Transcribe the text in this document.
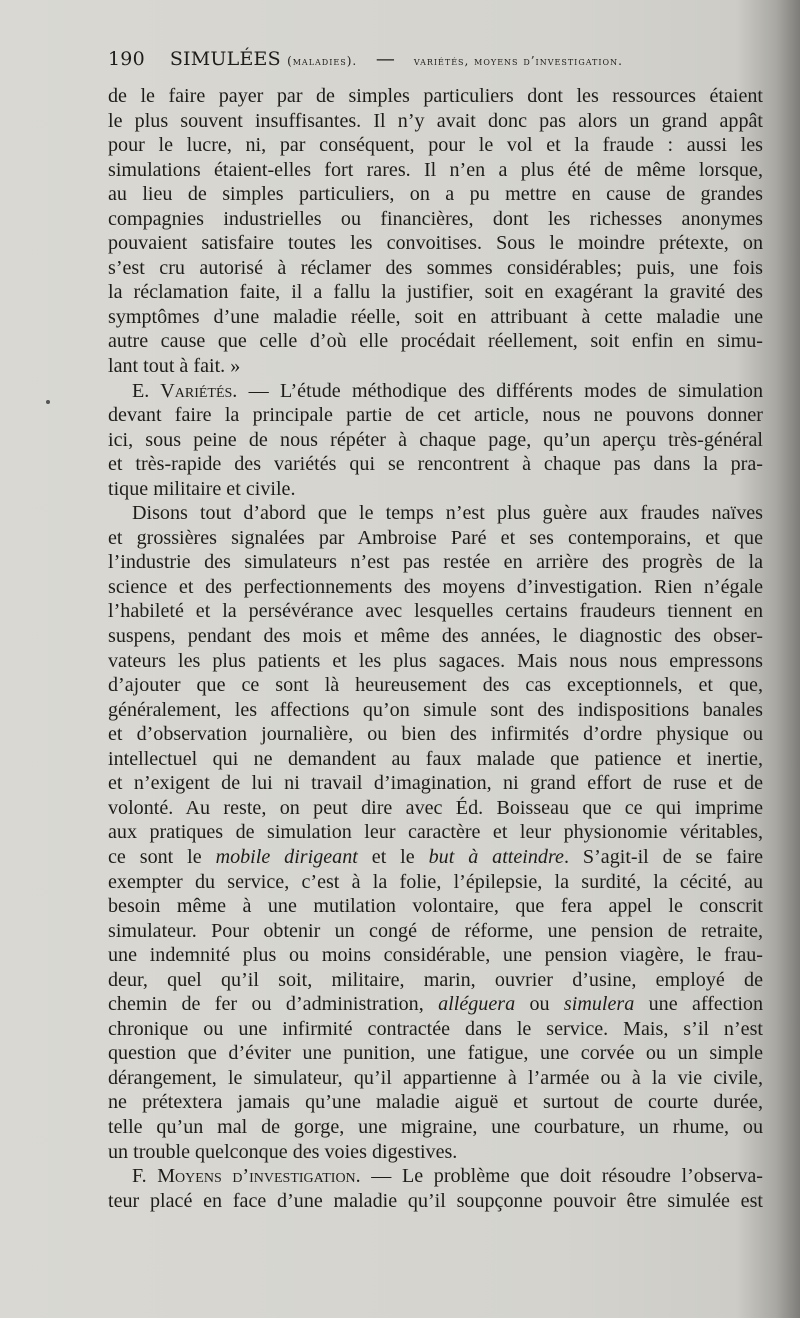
190 SIMULÉES (maladies). — variétés, moyens d’investigation.
de le faire payer par de simples particuliers dont les ressources étaient
le plus souvent insuffisantes. Il n’y avait donc pas alors un grand appât
pour le lucre, ni, par conséquent, pour le vol et la fraude : aussi les
simulations étaient-elles fort rares. Il n’en a plus été de même lorsque,
au lieu de simples particuliers, on a pu mettre en cause de grandes
compagnies industrielles ou financières, dont les richesses anonymes
pouvaient satisfaire toutes les convoitises. Sous le moindre prétexte, on
s’est cru autorisé à réclamer des sommes considérables; puis, une fois
la réclamation faite, il a fallu la justifier, soit en exagérant la gravité des
symptômes d’une maladie réelle, soit en attribuant à cette maladie une
autre cause que celle d’où elle procédait réellement, soit enfin en simu-
lant tout à fait. »
E. Variétés. — L’étude méthodique des différents modes de simulation
devant faire la principale partie de cet article, nous ne pouvons donner
ici, sous peine de nous répéter à chaque page, qu’un aperçu très-général
et très-rapide des variétés qui se rencontrent à chaque pas dans la pra-
tique militaire et civile.
Disons tout d’abord que le temps n’est plus guère aux fraudes naïves
et grossières signalées par Ambroise Paré et ses contemporains, et que
l’industrie des simulateurs n’est pas restée en arrière des progrès de la
science et des perfectionnements des moyens d’investigation. Rien n’égale
l’habileté et la persévérance avec lesquelles certains fraudeurs tiennent en
suspens, pendant des mois et même des années, le diagnostic des obser-
vateurs les plus patients et les plus sagaces. Mais nous nous empressons
d’ajouter que ce sont là heureusement des cas exceptionnels, et que,
généralement, les affections qu’on simule sont des indispositions banales
et d’observation journalière, ou bien des infirmités d’ordre physique ou
intellectuel qui ne demandent au faux malade que patience et inertie,
et n’exigent de lui ni travail d’imagination, ni grand effort de ruse et de
volonté. Au reste, on peut dire avec Éd. Boisseau que ce qui imprime
aux pratiques de simulation leur caractère et leur physionomie véritables,
ce sont le mobile dirigeant et le but à atteindre. S’agit-il de se faire
exempter du service, c’est à la folie, l’épilepsie, la surdité, la cécité, au
besoin même à une mutilation volontaire, que fera appel le conscrit
simulateur. Pour obtenir un congé de réforme, une pension de retraite,
une indemnité plus ou moins considérable, une pension viagère, le frau-
deur, quel qu’il soit, militaire, marin, ouvrier d’usine, employé de
chemin de fer ou d’administration, alléguera ou simulera une affection
chronique ou une infirmité contractée dans le service. Mais, s’il n’est
question que d’éviter une punition, une fatigue, une corvée ou un simple
dérangement, le simulateur, qu’il appartienne à l’armée ou à la vie civile,
ne prétextera jamais qu’une maladie aiguë et surtout de courte durée,
telle qu’un mal de gorge, une migraine, une courbature, un rhume, ou
un trouble quelconque des voies digestives.
F. Moyens d’investigation. — Le problème que doit résoudre l’observa-
teur placé en face d’une maladie qu’il soupçonne pouvoir être simulée est
